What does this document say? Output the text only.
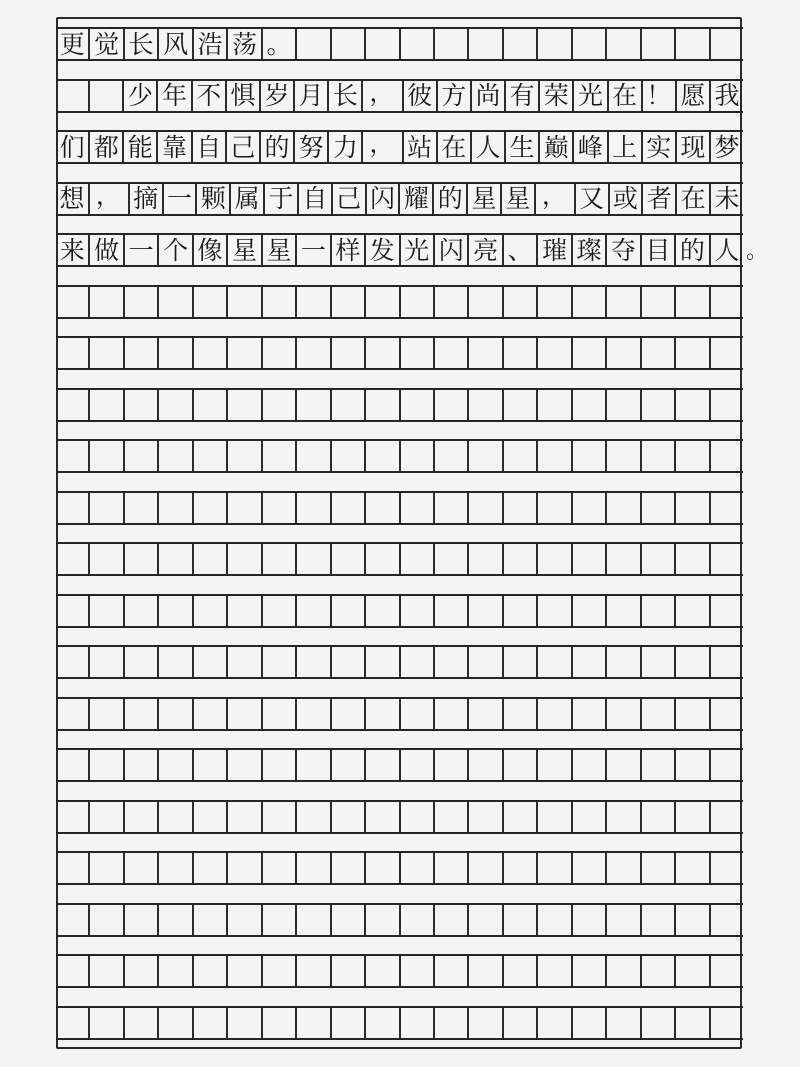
更 觉 长 风 浩 荡 。
少 年 不 惧 岁 月 长 ， 彼 方 尚 有 荣 光 在 ！ 愿 我
们 都 能 靠 自 己 的 努 力 ， 站 在 人 生 巅 峰 上 实 现 梦
想 ， 摘 一 颗 属 于 自 己 闪 耀 的 星 星 ， 又 或 者 在 未
来 做 一 个 像 星 星 一 样 发 光 闪 亮 、 璀 璨 夺 目 的 人 。
